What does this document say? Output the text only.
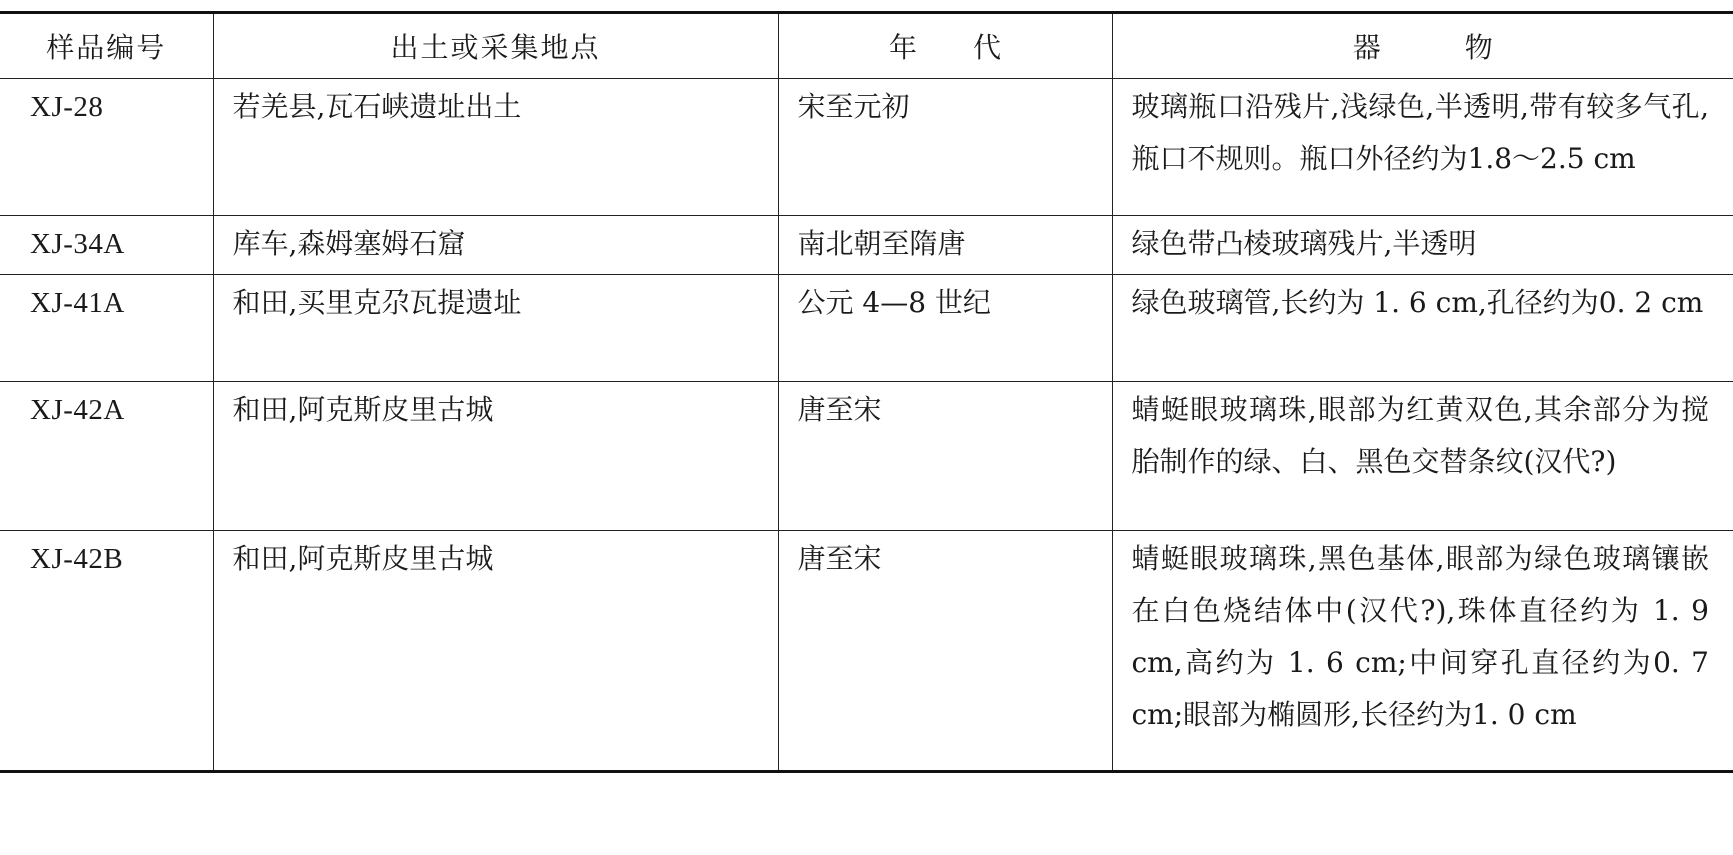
样品编号	出土或采集地点	年　　代	器　　　物

XJ-28	若羌县,瓦石峡遗址出土	宋至元初	玻璃瓶口沿残片,浅绿色,半透明,带有较多气孔,瓶口不规则。瓶口外径约为1.8～2.5 cm

XJ-34A	库车,森姆塞姆石窟	南北朝至隋唐	绿色带凸棱玻璃残片,半透明

XJ-41A	和田,买里克尕瓦提遗址	公元 4—8 世纪	绿色玻璃管,长约为 1. 6 cm,孔径约为0. 2 cm

XJ-42A	和田,阿克斯皮里古城	唐至宋	蜻蜓眼玻璃珠,眼部为红黄双色,其余部分为搅胎制作的绿、白、黑色交替条纹(汉代?)

XJ-42B	和田,阿克斯皮里古城	唐至宋	蜻蜓眼玻璃珠,黑色基体,眼部为绿色玻璃镶嵌在白色烧结体中(汉代?),珠体直径约为 1. 9 cm,高约为 1. 6 cm;中间穿孔直径约为0. 7 cm;眼部为椭圆形,长径约为1. 0 cm
